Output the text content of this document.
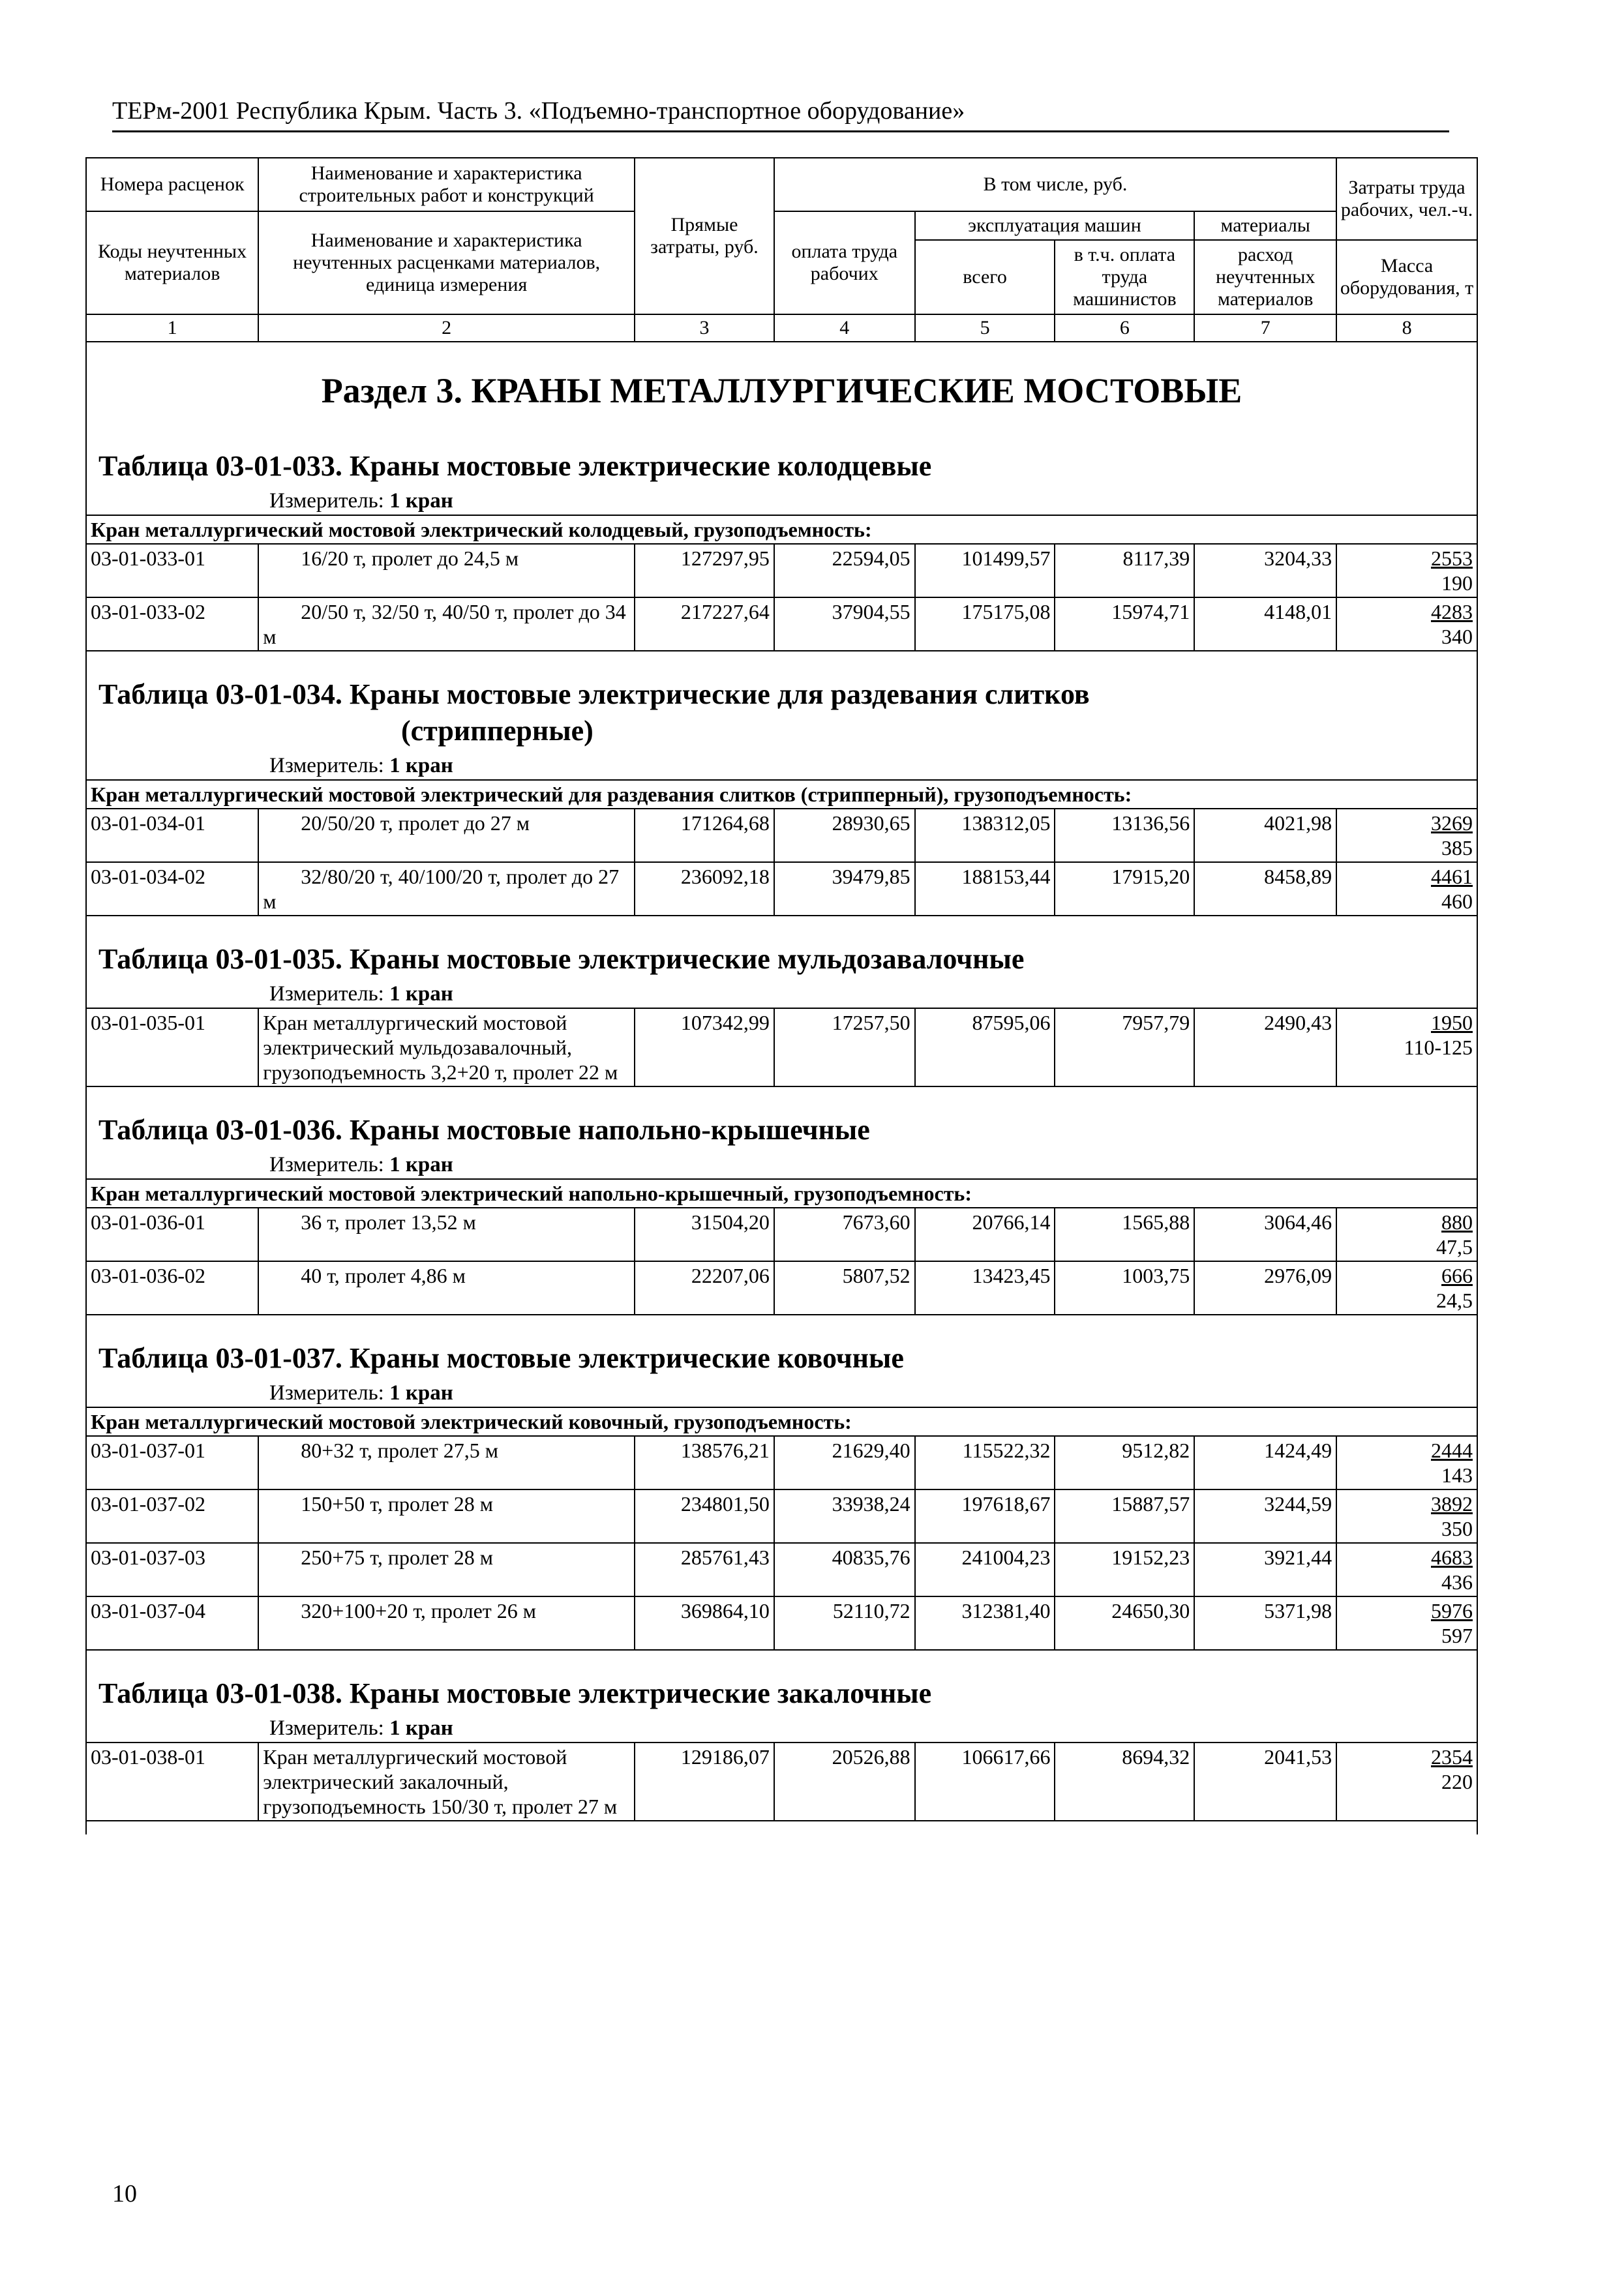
ТЕРм-2001 Республика Крым. Часть 3. «Подъемно-транспортное оборудование»
Номера расценок	Наименование и характеристика строительных работ и конструкций	Прямые затраты, руб.	В том числе, руб.				Затраты труда рабочих, чел.-ч.
Коды неучтенных материалов	Наименование и характеристика неучтенных расценками материалов, единица измерения		оплата труда рабочих	эксплуатация машин		материалы	
				всего	в т.ч. оплата труда машинистов	расход неучтенных материалов	Масса оборудования, т
1	2	3	4	5	6	7	8

Раздел 3. КРАНЫ МЕТАЛЛУРГИЧЕСКИЕ МОСТОВЫЕ							

Таблица 03-01-033. Краны мостовые электрические колодцевые
Измеритель: 1 кран							

Кран металлургический мостовой электрический колодцевый, грузоподъемность:							
03-01-033-01	16/20 т, пролет до 24,5 м	127297,95	22594,05	101499,57	8117,39	3204,33	2553
190

03-01-033-02	20/50 т, 32/50 т, 40/50 т, пролет до 34 м	217227,64	37904,55	175175,08	15974,71	4148,01	4283
340

Таблица 03-01-034. Краны мостовые электрические для раздевания слитков
(стрипперные)
Измеритель: 1 кран							

Кран металлургический мостовой электрический для раздевания слитков (стрипперный), грузоподъемность:							
03-01-034-01	20/50/20 т, пролет до 27 м	171264,68	28930,65	138312,05	13136,56	4021,98	3269
385

03-01-034-02	32/80/20 т, 40/100/20 т, пролет до 27 м	236092,18	39479,85	188153,44	17915,20	8458,89	4461
460

Таблица 03-01-035. Краны мостовые электрические мульдозавалочные
Измеритель: 1 кран							

03-01-035-01	Кран металлургический мостовой электрический мульдозавалочный, грузоподъемность 3,2+20 т, пролет 22 м	107342,99	17257,50	87595,06	7957,79	2490,43	1950
110-125

Таблица 03-01-036. Краны мостовые напольно-крышечные
Измеритель: 1 кран							

Кран металлургический мостовой электрический напольно-крышечный, грузоподъемность:							
03-01-036-01	36 т, пролет 13,52 м	31504,20	7673,60	20766,14	1565,88	3064,46	880
47,5

03-01-036-02	40 т, пролет 4,86 м	22207,06	5807,52	13423,45	1003,75	2976,09	666
24,5

Таблица 03-01-037. Краны мостовые электрические ковочные
Измеритель: 1 кран							

Кран металлургический мостовой электрический ковочный, грузоподъемность:							
03-01-037-01	80+32 т, пролет 27,5 м	138576,21	21629,40	115522,32	9512,82	1424,49	2444
143

03-01-037-02	150+50 т, пролет 28 м	234801,50	33938,24	197618,67	15887,57	3244,59	3892
350

03-01-037-03	250+75 т, пролет 28 м	285761,43	40835,76	241004,23	19152,23	3921,44	4683
436

03-01-037-04	320+100+20 т, пролет 26 м	369864,10	52110,72	312381,40	24650,30	5371,98	5976
597

Таблица 03-01-038. Краны мостовые электрические закалочные
Измеритель: 1 кран							

03-01-038-01	Кран металлургический мостовой электрический закалочный, грузоподъемность 150/30 т, пролет 27 м	129186,07	20526,88	106617,66	8694,32	2041,53	2354
220

10
